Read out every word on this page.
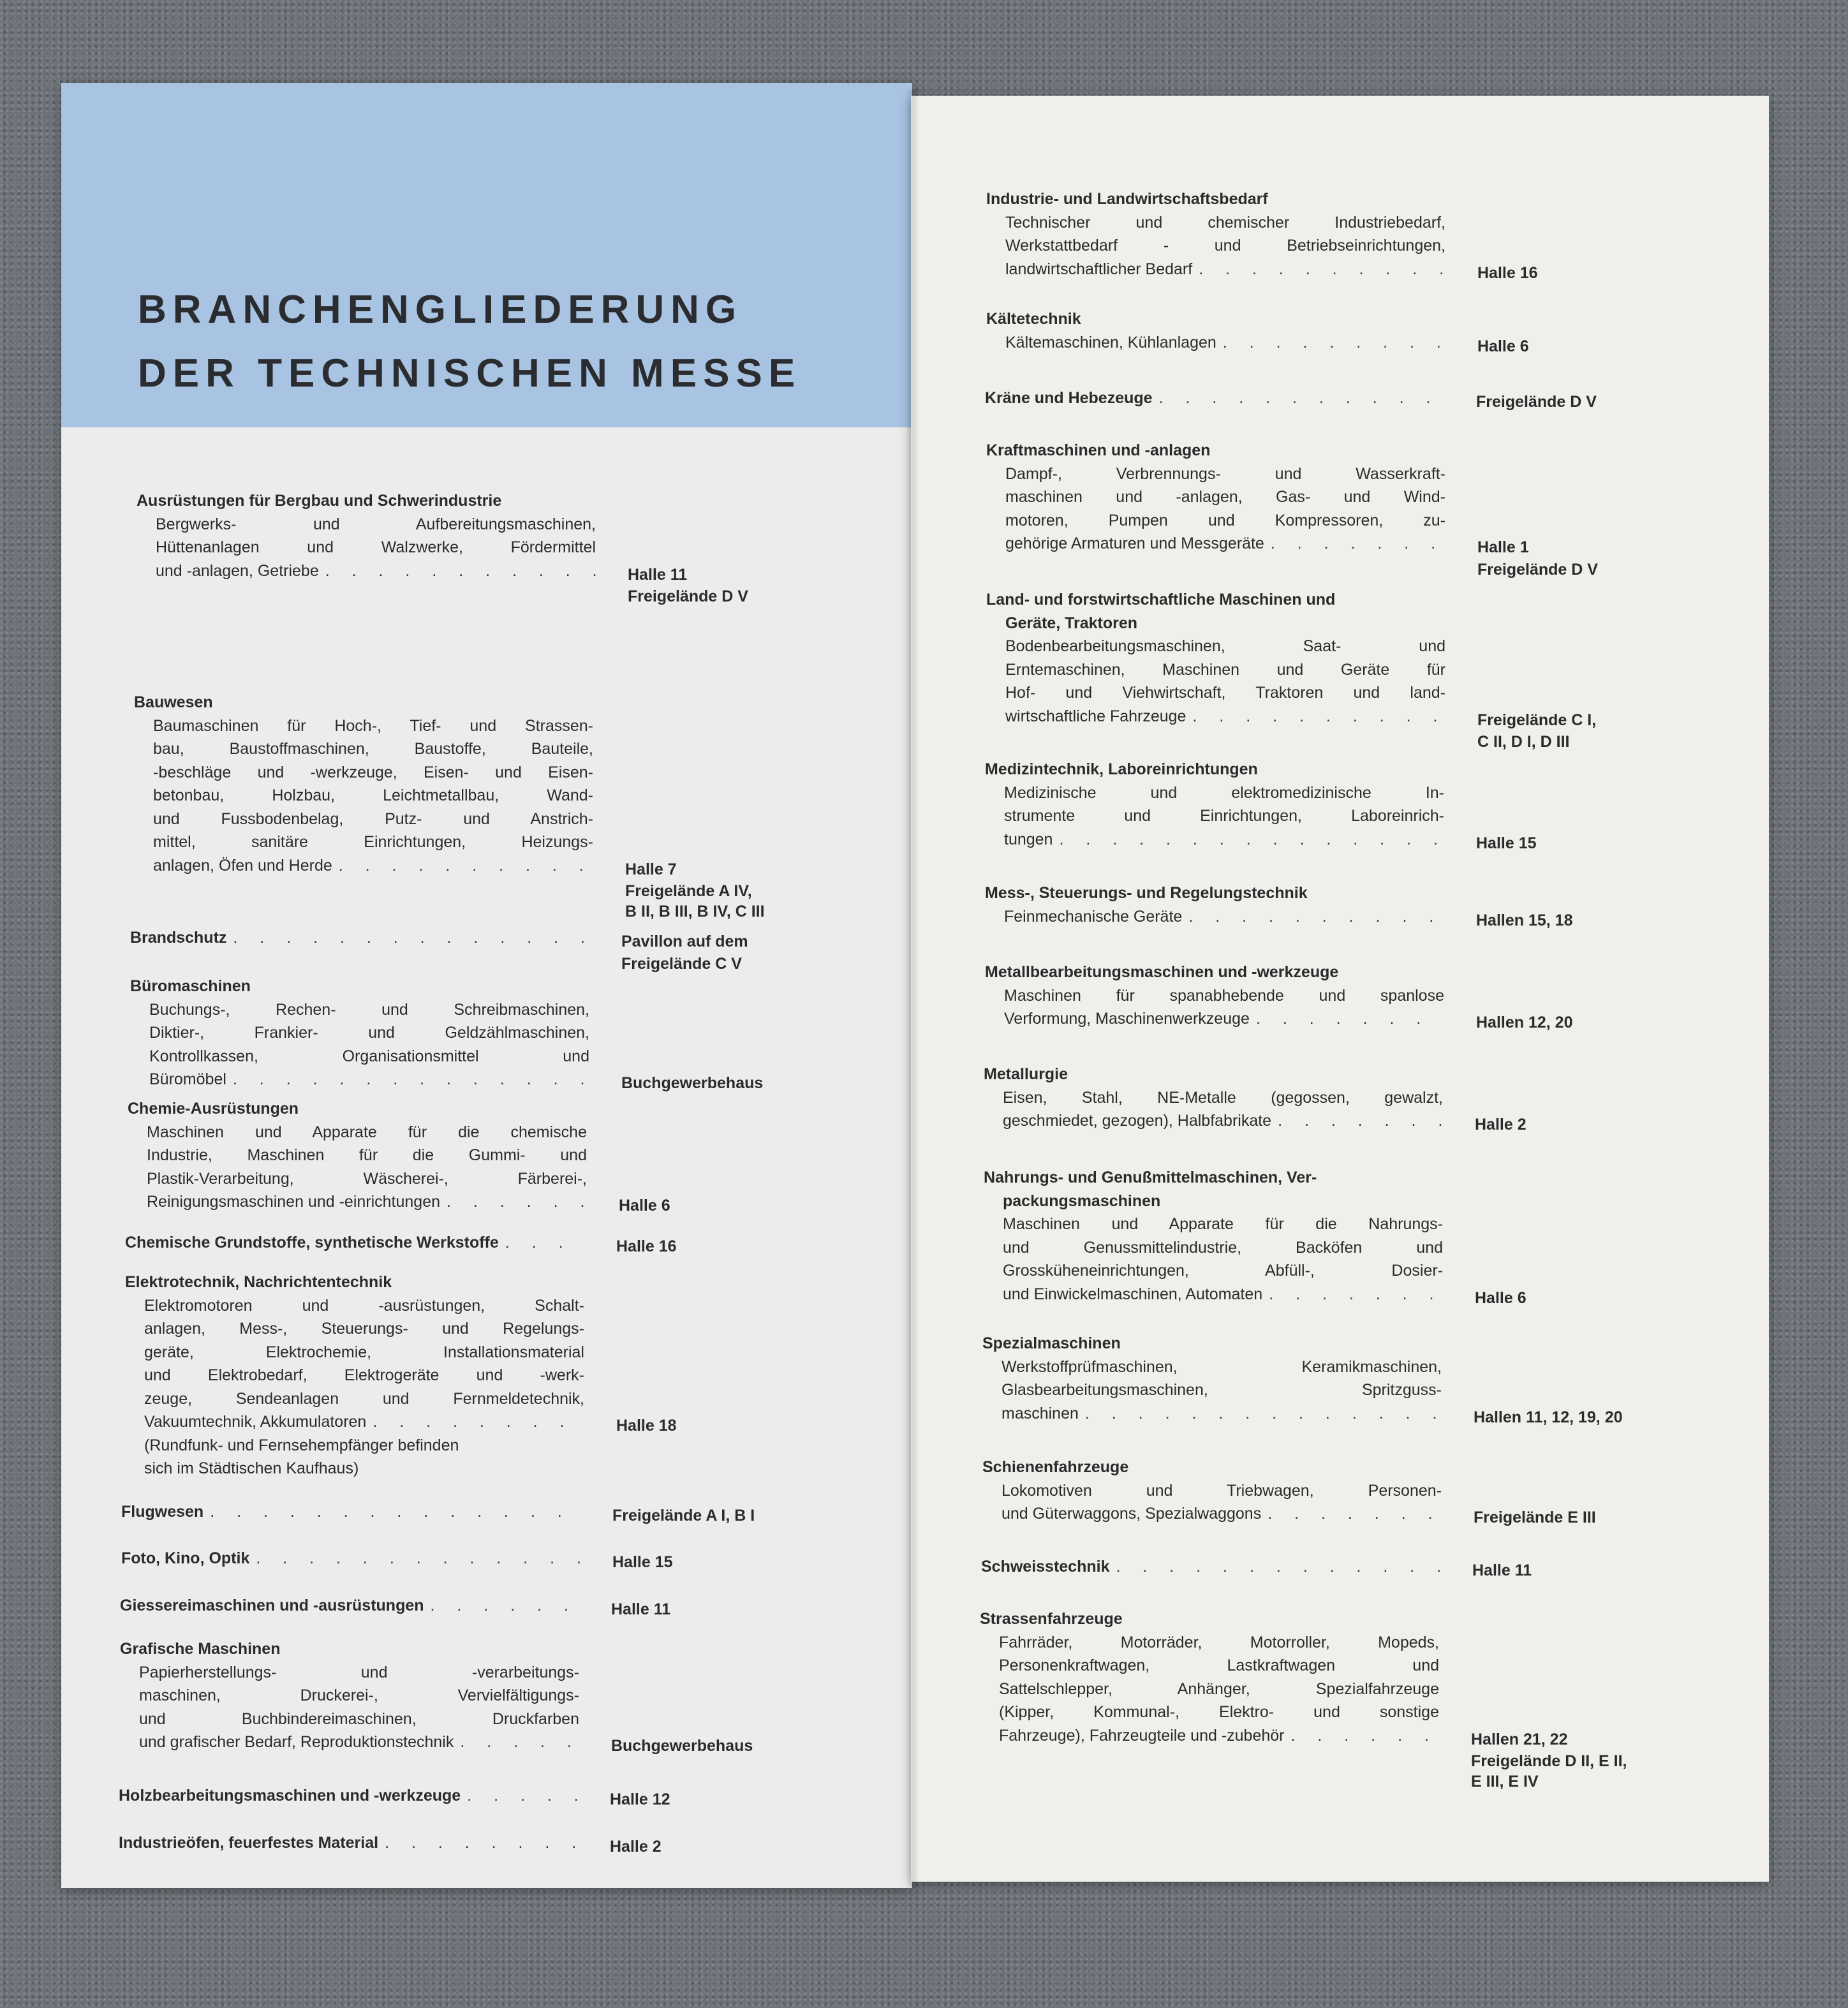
BRANCHENGLIEDERUNG
DER TECHNISCHEN MESSE
Ausrüstungen für Bergbau und Schwerindustrie
Bergwerks- und Aufbereitungsmaschinen,
Hüttenanlagen und Walzwerke, Fördermittel
und -anlagen, Getriebe . . .	Halle 11
Freigelände D V
Bauwesen
Baumaschinen für Hoch-, Tief- und Strassen-
bau, Baustoffmaschinen, Baustoffe, Bauteile,
-beschläge und -werkzeuge, Eisen- und Eisen-
betonbau, Holzbau, Leichtmetallbau, Wand-
und Fussbodenbelag, Putz- und Anstrich-
mittel, sanitäre Einrichtungen, Heizungs-
anlagen, Öfen und Herde . . .	Halle 7
Freigelände A IV,
B II, B III, B IV, C III
Brandschutz . . .	Pavillon auf dem
Freigelände C V
Büromaschinen
Buchungs-, Rechen- und Schreibmaschinen,
Diktier-, Frankier- und Geldzählmaschinen,
Kontrollkassen, Organisationsmittel und
Büromöbel . . .	Buchgewerbehaus
Chemie-Ausrüstungen
Maschinen und Apparate für die chemische
Industrie, Maschinen für die Gummi- und
Plastik-Verarbeitung, Wäscherei-, Färberei-,
Reinigungsmaschinen und -einrichtungen . . .	Halle 6
Chemische Grundstoffe, synthetische Werkstoffe . . .	Halle 16
Elektrotechnik, Nachrichtentechnik
Elektromotoren und -ausrüstungen, Schalt-
anlagen, Mess-, Steuerungs- und Regelungs-
geräte, Elektrochemie, Installationsmaterial
und Elektrobedarf, Elektrogeräte und -werk-
zeuge, Sendeanlagen und Fernmeldetechnik,
Vakuumtechnik, Akkumulatoren . . .	Halle 18
(Rundfunk- und Fernsehempfänger befinden
sich im Städtischen Kaufhaus)
Flugwesen . . .	Freigelände A I, B I
Foto, Kino, Optik . . .	Halle 15
Giessereimaschinen und -ausrüstungen . . .	Halle 11
Grafische Maschinen
Papierherstellungs- und -verarbeitungs-
maschinen, Druckerei-, Vervielfältigungs-
und Buchbindereimaschinen, Druckfarben
und grafischer Bedarf, Reproduktionstechnik . . .	Buchgewerbehaus
Holzbearbeitungsmaschinen und -werkzeuge . . .	Halle 12
Industrieöfen, feuerfestes Material . . .	Halle 2
Industrie- und Landwirtschaftsbedarf
Technischer und chemischer Industriebedarf,
Werkstattbedarf - und Betriebseinrichtungen,
landwirtschaftlicher Bedarf . . .	Halle 16
Kältetechnik
Kältemaschinen, Kühlanlagen . . .	Halle 6
Kräne und Hebezeuge . . .	Freigelände D V
Kraftmaschinen und -anlagen
Dampf-, Verbrennungs- und Wasserkraft-
maschinen und -anlagen, Gas- und Wind-
motoren, Pumpen und Kompressoren, zu-
gehörige Armaturen und Messgeräte . . .	Halle 1
Freigelände D V
Land- und forstwirtschaftliche Maschinen und
Geräte, Traktoren
Bodenbearbeitungsmaschinen, Saat- und
Erntemaschinen, Maschinen und Geräte für
Hof- und Viehwirtschaft, Traktoren und land-
wirtschaftliche Fahrzeuge . . .	Freigelände C I,
C II, D I, D III
Medizintechnik, Laboreinrichtungen
Medizinische und elektromedizinische In-
strumente und Einrichtungen, Laboreinrich-
tungen . . .	Halle 15
Mess-, Steuerungs- und Regelungstechnik
Feinmechanische Geräte . . .	Hallen 15, 18
Metallbearbeitungsmaschinen und -werkzeuge
Maschinen für spanabhebende und spanlose
Verformung, Maschinenwerkzeuge . . .	Hallen 12, 20
Metallurgie
Eisen, Stahl, NE-Metalle (gegossen, gewalzt,
geschmiedet, gezogen), Halbfabrikate . . .	Halle 2
Nahrungs- und Genußmittelmaschinen, Ver-
packungsmaschinen
Maschinen und Apparate für die Nahrungs-
und Genussmittelindustrie, Backöfen und
Grossküheneinrichtungen, Abfüll-, Dosier-
und Einwickelmaschinen, Automaten . . .	Halle 6
Spezialmaschinen
Werkstoffprüfmaschinen, Keramikmaschinen,
Glasbearbeitungsmaschinen, Spritzguss-
maschinen . . .	Hallen 11, 12, 19, 20
Schienenfahrzeuge
Lokomotiven und Triebwagen, Personen-
und Güterwaggons, Spezialwaggons . . .	Freigelände E III
Schweisstechnik . . .	Halle 11
Strassenfahrzeuge
Fahrräder, Motorräder, Motorroller, Mopeds,
Personenkraftwagen, Lastkraftwagen und
Sattelschlepper, Anhänger, Spezialfahrzeuge
(Kipper, Kommunal-, Elektro- und sonstige
Fahrzeuge), Fahrzeugteile und -zubehör . . .	Hallen 21, 22
Freigelände D II, E II,
E III, E IV
